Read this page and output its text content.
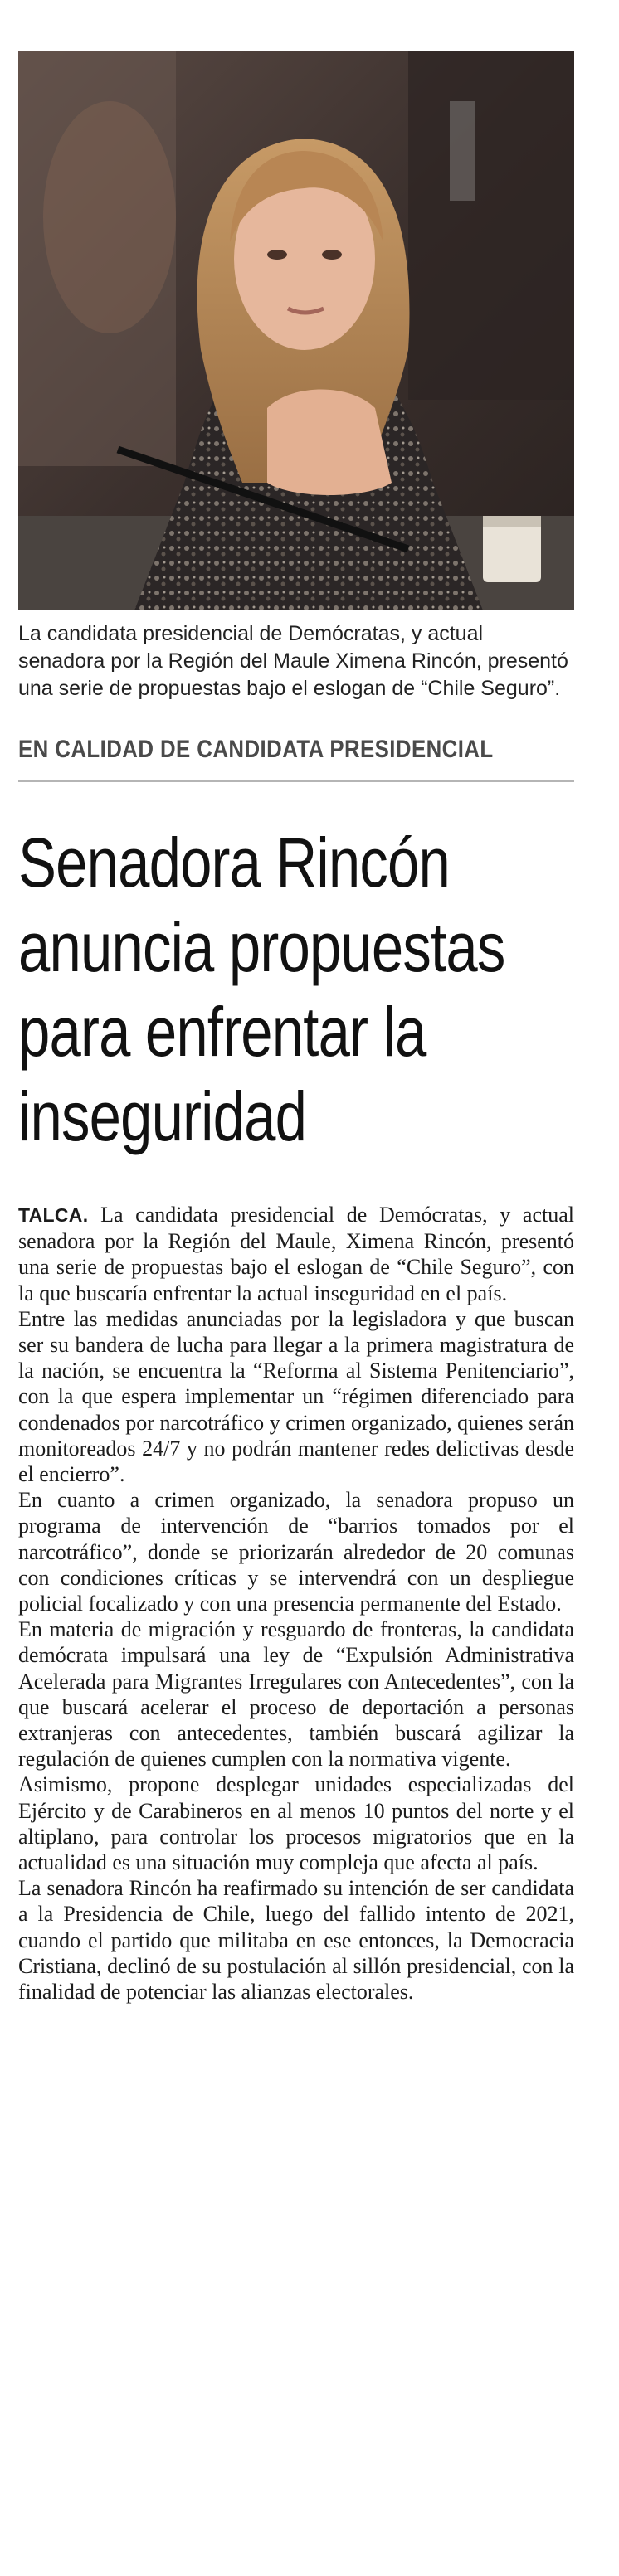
La candidata presidencial de Demócratas, y actual senadora por la Región del Maule Ximena Rincón, presentó una serie de propuestas bajo el eslogan de “Chile Seguro”.
EN CALIDAD DE CANDIDATA PRESIDENCIAL
Senadora Rincón anuncia propuestas para enfrentar la inseguridad

TALCA. La candidata presidencial de Demócratas, y actual senadora por la Región del Maule, Ximena Rincón, presentó una serie de propuestas bajo el eslogan de “Chile Seguro”, con la que buscaría enfrentar la actual inseguridad en el país.

Entre las medidas anunciadas por la legisladora y que buscan ser su bandera de lucha para llegar a la primera magistratura de la nación, se encuentra la “Reforma al Sistema Penitenciario”, con la que espera implementar un “régimen diferenciado para condenados por narcotráfico y crimen organizado, quienes serán monitoreados 24/7 y no podrán mantener redes delictivas desde el encierro”.

En cuanto a crimen organizado, la senadora propuso un programa de intervención de “barrios tomados por el narcotráfico”, donde se priorizarán alrededor de 20 comunas con condiciones críticas y se intervendrá con un despliegue policial focalizado y con una presencia permanente del Estado.

En materia de migración y resguardo de fronteras, la candidata demócrata impulsará una ley de “Expulsión Administrativa Acelerada para Migrantes Irregulares con Antecedentes”, con la que buscará acelerar el proceso de deportación a personas extranjeras con antecedentes, también buscará agilizar la regulación de quienes cumplen con la normativa vigente.

Asimismo, propone desplegar unidades especializadas del Ejército y de Carabineros en al menos 10 puntos del norte y el altiplano, para controlar los procesos migratorios que en la actualidad es una situación muy compleja que afecta al país.

La senadora Rincón ha reafirmado su intención de ser candidata a la Presidencia de Chile, luego del fallido intento de 2021, cuando el partido que militaba en ese entonces, la Democracia Cristiana, declinó de su postulación al sillón presidencial, con la finalidad de potenciar las alianzas electorales.
